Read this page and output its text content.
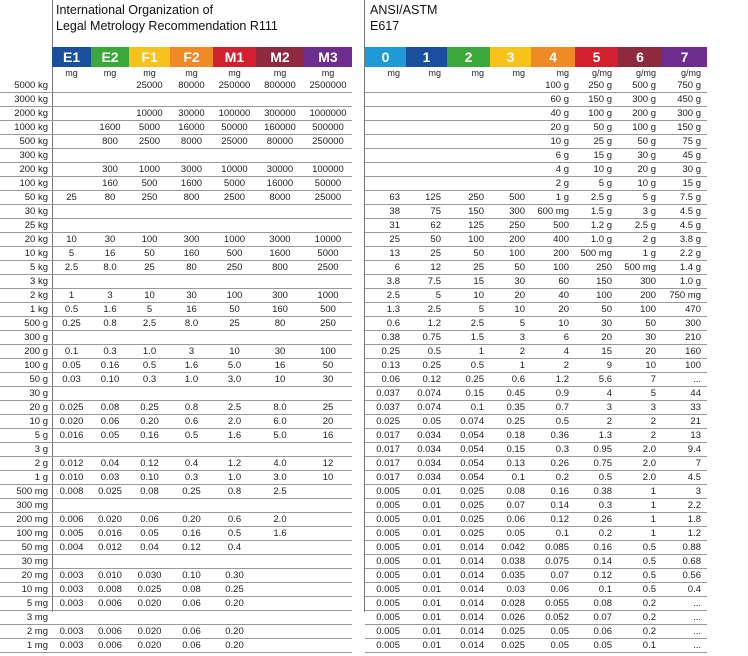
International Organization of
Legal Metrology Recommendation R111
ANSI/ASTM
E617
	E1	E2	F1	F2	M1	M2	M3
	mg	mg	mg	mg	mg	mg	mg
5000 kg			25000	80000	250000	800000	2500000
3000 kg							
2000 kg			10000	30000	100000	300000	1000000
1000 kg		1600	5000	16000	50000	160000	500000
500 kg		800	2500	8000	25000	80000	250000
300 kg							
200 kg		300	1000	3000	10000	30000	100000
100 kg		160	500	1600	5000	16000	50000
50 kg	25	80	250	800	2500	8000	25000
30 kg							
25 kg							
20 kg	10	30	100	300	1000	3000	10000
10 kg	5	16	50	160	500	1600	5000
5 kg	2.5	8.0	25	80	250	800	2500
3 kg							
2 kg	1	3	10	30	100	300	1000
1 kg	0.5	1.6	5	16	50	160	500
500 g	0.25	0.8	2.5	8.0	25	80	250
300 g							
200 g	0.1	0.3	1.0	3	10	30	100
100 g	0.05	0.16	0.5	1.6	5.0	16	50
50 g	0.03	0.10	0.3	1.0	3.0	10	30
30 g							
20 g	0.025	0.08	0.25	0.8	2.5	8.0	25
10 g	0.020	0.06	0.20	0.6	2.0	6.0	20
5 g	0.016	0.05	0.16	0.5	1.6	5.0	16
3 g							
2 g	0.012	0.04	0.12	0.4	1.2	4.0	12
1 g	0.010	0.03	0.10	0.3	1.0	3.0	10
500 mg	0.008	0.025	0.08	0.25	0.8	2.5	
300 mg							
200 mg	0.006	0.020	0.06	0.20	0.6	2.0	
100 mg	0.005	0.016	0.05	0.16	0.5	1.6	
50 mg	0.004	0.012	0.04	0.12	0.4		
30 mg							
20 mg	0.003	0.010	0.030	0.10	0.30		
10 mg	0.003	0.008	0.025	0.08	0.25		
5 mg	0.003	0.006	0.020	0.06	0.20		
3 mg							
2 mg	0.003	0.006	0.020	0.06	0.20		
1 mg	0.003	0.006	0.020	0.06	0.20		
0	1	2	3	4	5	6	7
mg	mg	mg	mg	mg	g/mg	g/mg	g/mg
				100 g	250 g	500 g	750 g
				60 g	150 g	300 g	450 g
				40 g	100 g	200 g	300 g
				20 g	50 g	100 g	150 g
				10 g	25 g	50 g	75 g
				6 g	15 g	30 g	45 g
				4 g	10 g	20 g	30 g
				2 g	5 g	10 g	15 g
63	125	250	500	1 g	2.5 g	5 g	7.5 g
38	75	150	300	600 mg	1.5 g	3 g	4.5 g
31	62	125	250	500	1.2 g	2.5 g	4.5 g
25	50	100	200	400	1.0 g	2 g	3.8 g
13	25	50	100	200	500 mg	1 g	2.2 g
6	12	25	50	100	250	500 mg	1.4 g
3.8	7.5	15	30	60	150	300	1.0 g
2.5	5	10	20	40	100	200	750 mg
1.3	2.5	5	10	20	50	100	470
0.6	1.2	2.5	5	10	30	50	300
0.38	0.75	1.5	3	6	20	30	210
0.25	0.5	1	2	4	15	20	160
0.13	0.25	0.5	1	2	9	10	100
0.06	0.12	0.25	0.6	1.2	5.6	7	...
0.037	0.074	0.15	0.45	0.9	4	5	44
0.037	0.074	0.1	0.35	0.7	3	3	33
0.025	0.05	0.074	0.25	0.5	2	2	21
0.017	0.034	0.054	0.18	0.36	1.3	2	13
0.017	0.034	0.054	0.15	0.3	0.95	2.0	9.4
0.017	0.034	0.054	0.13	0.26	0.75	2.0	7
0.017	0.034	0.054	0.1	0.2	0.5	2.0	4.5
0.005	0.01	0.025	0.08	0.16	0.38	1	3
0.005	0.01	0.025	0.07	0.14	0.3	1	2.2
0.005	0.01	0.025	0.06	0.12	0.26	1	1.8
0.005	0.01	0.025	0.05	0.1	0.2	1	1.2
0.005	0.01	0.014	0.042	0.085	0.16	0.5	0.88
0.005	0.01	0.014	0.038	0.075	0.14	0.5	0.68
0.005	0.01	0.014	0.035	0.07	0.12	0.5	0.56
0.005	0.01	0.014	0.03	0.06	0.1	0.5	0.4
0.005	0.01	0.014	0.028	0.055	0.08	0.2	...
0.005	0.01	0.014	0.026	0.052	0.07	0.2	...
0.005	0.01	0.014	0.025	0.05	0.06	0.2	...
0.005	0.01	0.014	0.025	0.05	0.05	0.1	...
